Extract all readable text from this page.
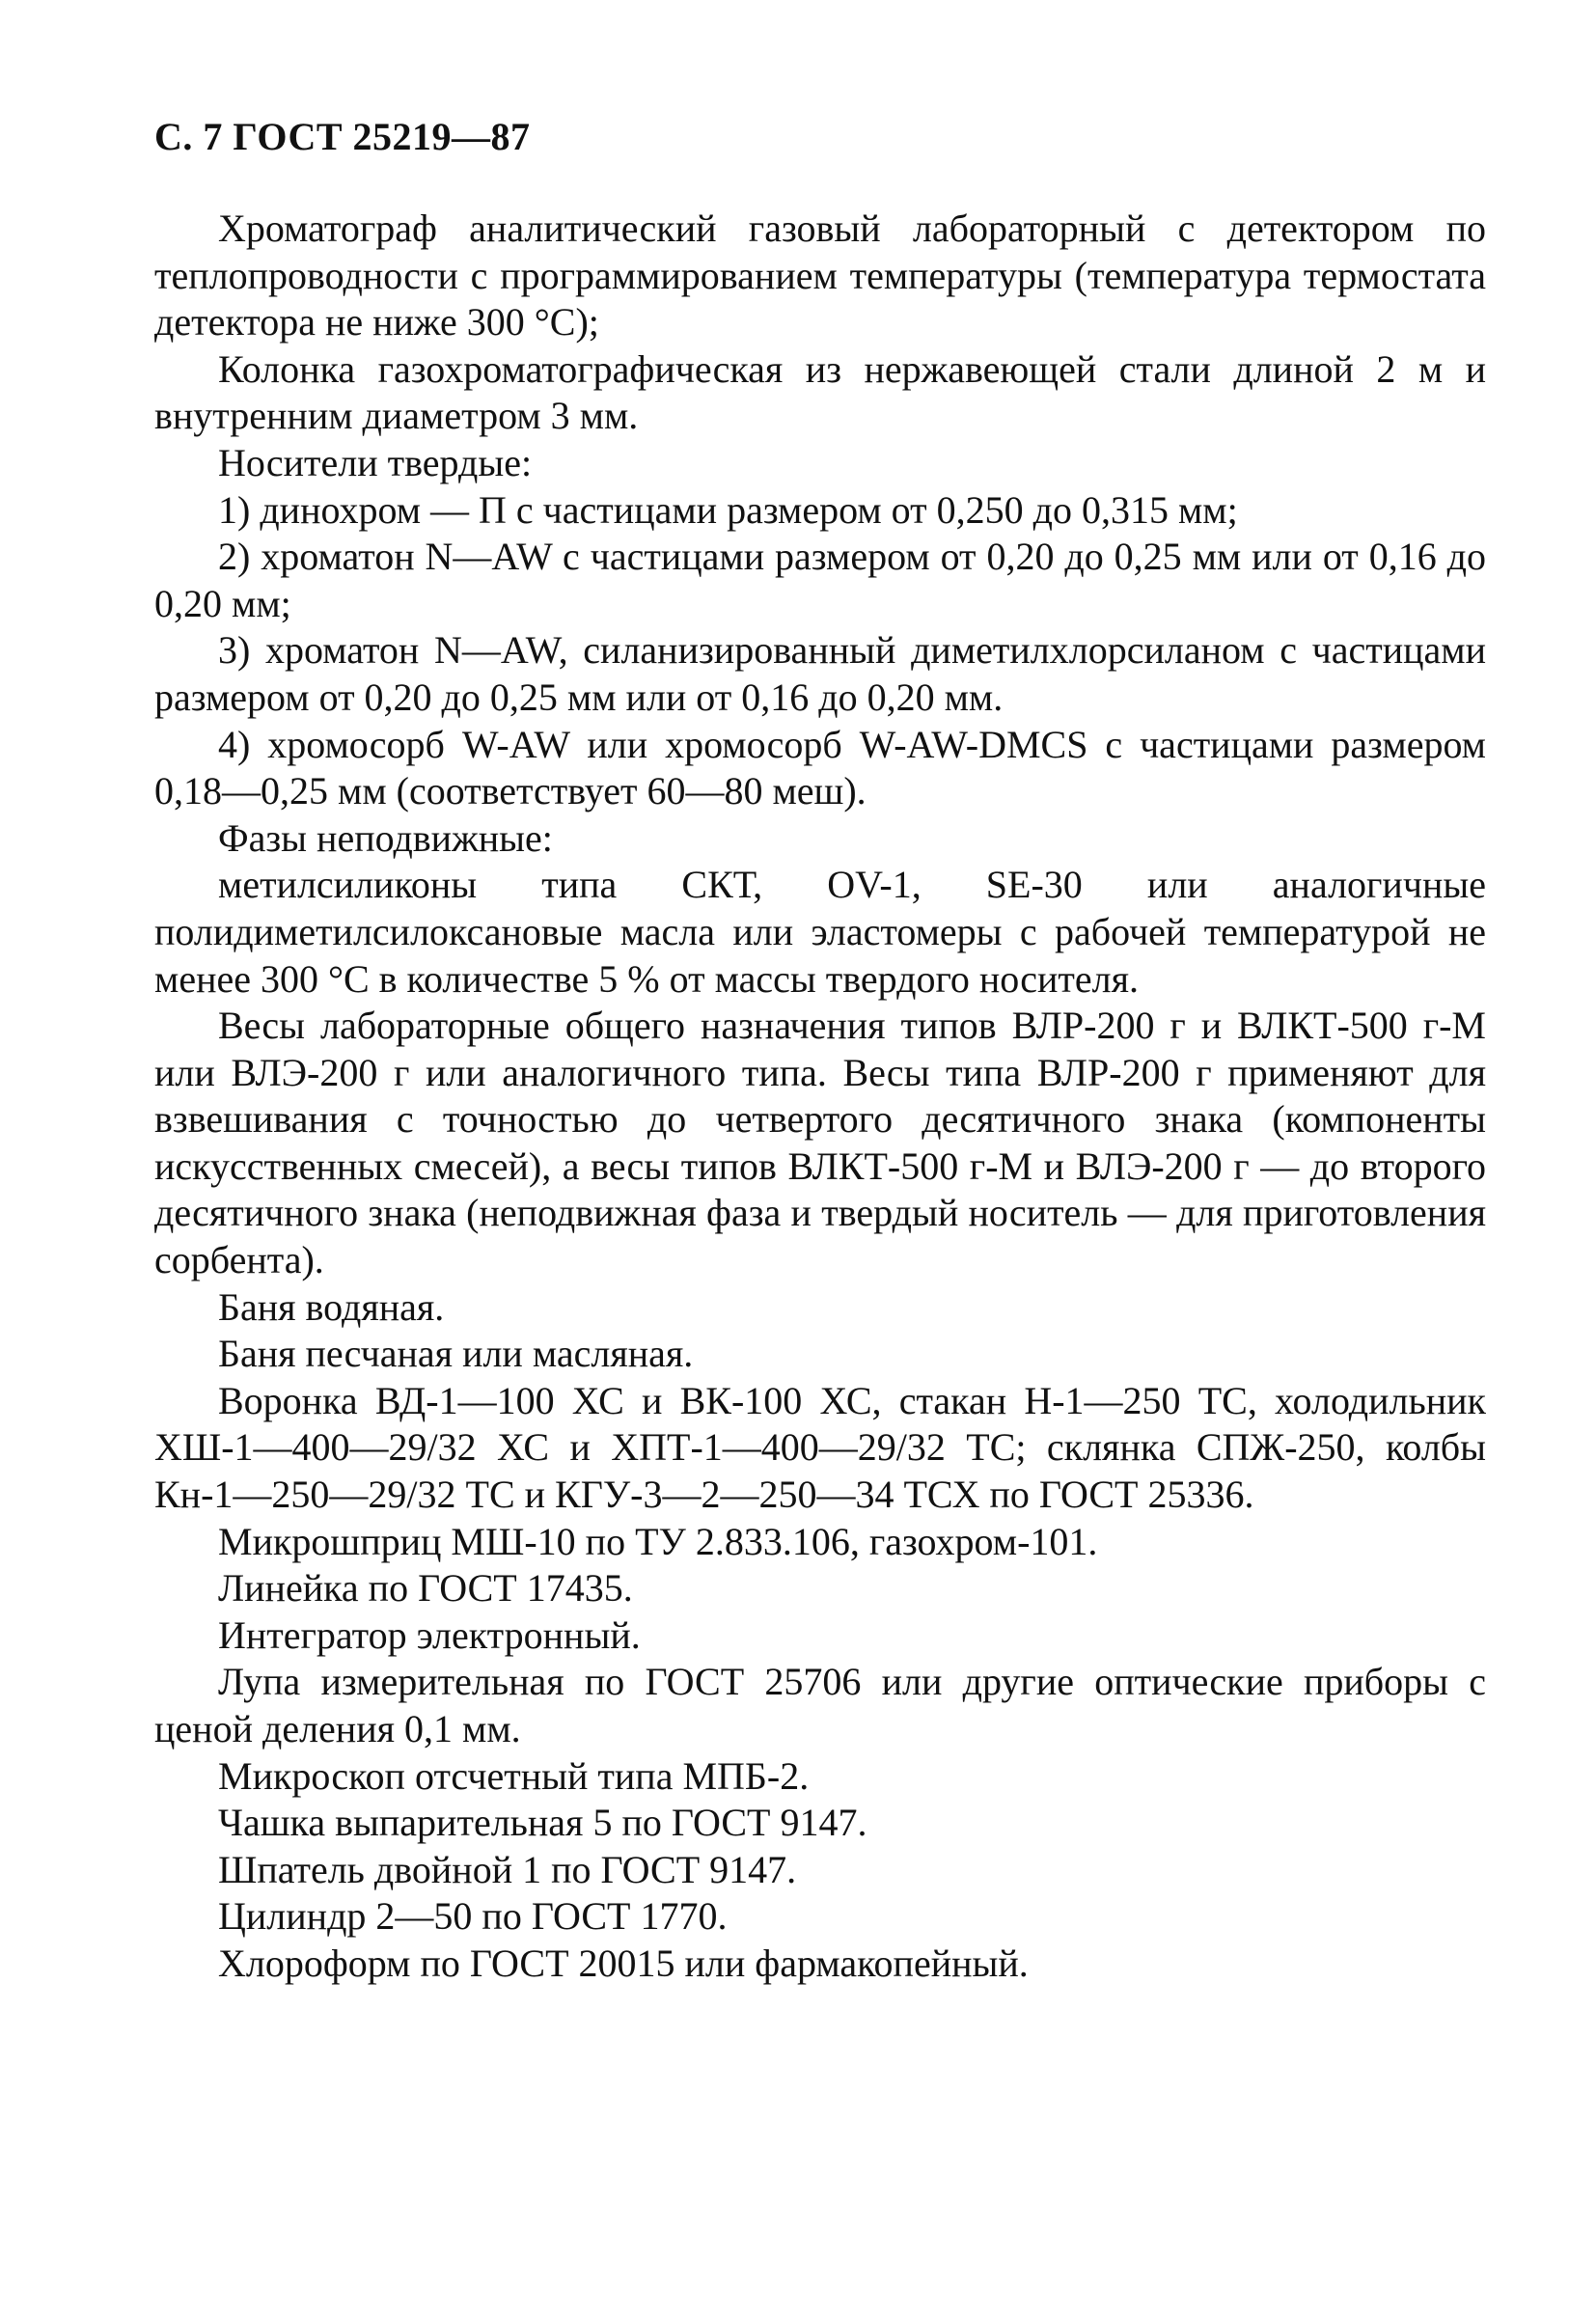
С. 7 ГОСТ 25219—87

Хроматограф аналитический газовый лабораторный с детектором по теплопроводности с программированием температуры (температура термостата детектора не ниже 300 °С);

Колонка газохроматографическая из нержавеющей стали длиной 2 м и внутренним диаметром 3 мм.

Носители твердые:

1) динохром — П с частицами размером от 0,250 до 0,315 мм;

2) хроматон N—AW с частицами размером от 0,20 до 0,25 мм или от 0,16 до 0,20 мм;

3) хроматон N—AW, силанизированный диметилхлорсиланом с частицами размером от 0,20 до 0,25 мм или от 0,16 до 0,20 мм.

4) хромосорб W-AW или хромосорб W-AW-DMCS с частицами размером 0,18—0,25 мм (соответствует 60—80 меш).

Фазы неподвижные:

метилсиликоны типа СКТ, OV-1, SE-30 или аналогичные полидиметилсилоксановые масла или эластомеры с рабочей температурой не менее 300 °С в количестве 5 % от массы твердого носителя.

Весы лабораторные общего назначения типов ВЛР-200 г и ВЛКТ-500 г-М или ВЛЭ-200 г или аналогичного типа. Весы типа ВЛР-200 г применяют для взвешивания с точностью до четвертого десятичного знака (компоненты искусственных смесей), а весы типов ВЛКТ-500 г-М и ВЛЭ-200 г — до второго десятичного знака (неподвижная фаза и твердый носитель — для приготовления сорбента).

Баня водяная.

Баня песчаная или масляная.

Воронка ВД-1—100 ХС и ВК-100 ХС, стакан Н-1—250 ТС, холодильник ХШ-1—400—29/32 ХС и ХПТ-1—400—29/32 ТС; склянка СПЖ-250, колбы Кн-1—250—29/32 ТС и КГУ-3—2—250—34 ТСХ по ГОСТ 25336.

Микрошприц МШ-10 по ТУ 2.833.106, газохром-101.

Линейка по ГОСТ 17435.

Интегратор электронный.

Лупа измерительная по ГОСТ 25706 или другие оптические приборы с ценой деления 0,1 мм.

Микроскоп отсчетный типа МПБ-2.

Чашка выпарительная 5 по ГОСТ 9147.

Шпатель двойной 1 по ГОСТ 9147.

Цилиндр 2—50 по ГОСТ 1770.

Хлороформ по ГОСТ 20015 или фармакопейный.
